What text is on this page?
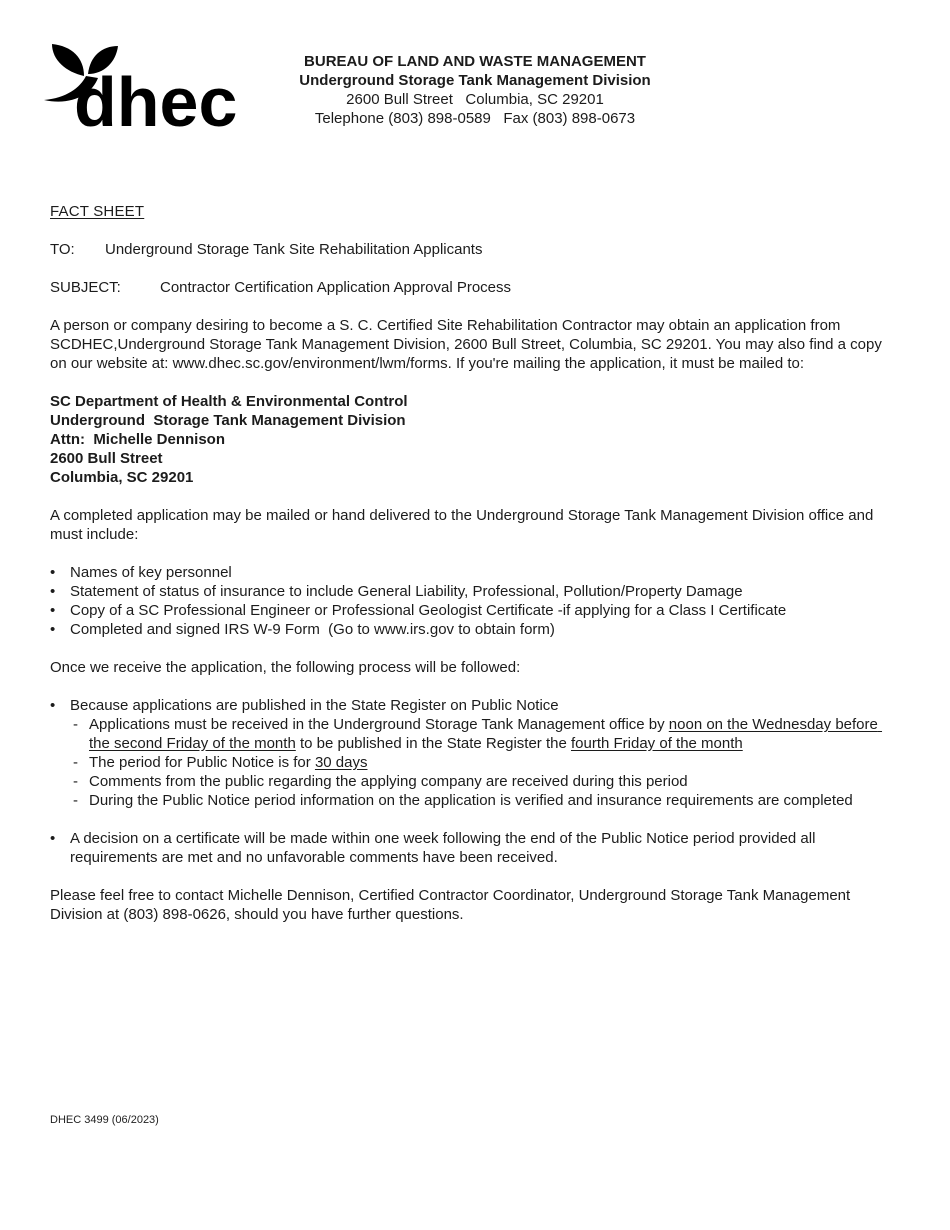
dhec
BUREAU OF LAND AND WASTE MANAGEMENT
Underground Storage Tank Management Division
2600 Bull Street   Columbia, SC 29201
Telephone (803) 898-0589   Fax (803) 898-0673

FACT SHEET

TO: Underground Storage Tank Site Rehabilitation Applicants

SUBJECT:	Contractor Certification Application Approval Process

A person or company desiring to become a S. C. Certified Site Rehabilitation Contractor may obtain an application from SCDHEC,Underground Storage Tank Management Division, 2600 Bull Street, Columbia, SC 29201. You may also find a copy on our website at: www.dhec.sc.gov/environment/lwm/forms. If you're mailing the application, it must be mailed to:

SC Department of Health & Environmental Control
Underground  Storage Tank Management Division
Attn:  Michelle Dennison
2600 Bull Street
Columbia, SC 29201

A completed application may be mailed or hand delivered to the Underground Storage Tank Management Division office and must include:

• Names of key personnel
• Statement of status of insurance to include General Liability, Professional, Pollution/Property Damage
• Copy of a SC Professional Engineer or Professional Geologist Certificate -if applying for a Class I Certificate
• Completed and signed IRS W-9 Form  (Go to www.irs.gov to obtain form)

Once we receive the application, the following process will be followed:

• Because applications are published in the State Register on Public Notice
- Applications must be received in the Underground Storage Tank Management office by noon on the Wednesday before the second Friday of the month to be published in the State Register the fourth Friday of the month
- The period for Public Notice is for 30 days
- Comments from the public regarding the applying company are received during this period
- During the Public Notice period information on the application is verified and insurance requirements are completed
• A decision on a certificate will be made within one week following the end of the Public Notice period provided all requirements are met and no unfavorable comments have been received.

Please feel free to contact Michelle Dennison, Certified Contractor Coordinator, Underground Storage Tank Management Division at (803) 898-0626, should you have further questions.

DHEC 3499 (06/2023)
